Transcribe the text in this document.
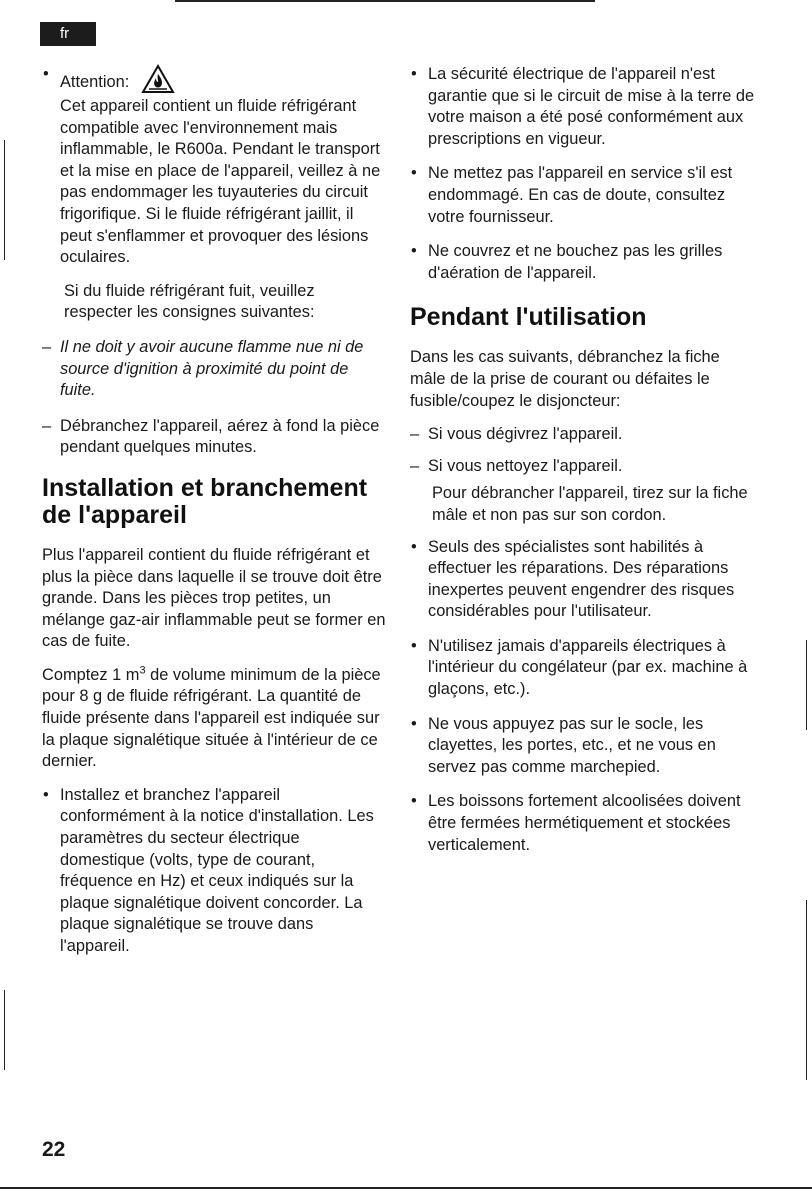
fr
• Attention:

Cet appareil contient un fluide réfrigérant compatible avec l'environnement mais inflammable, le R600a. Pendant le transport et la mise en place de l'appareil, veillez à ne pas endommager les tuyauteries du circuit frigorifique. Si le fluide réfrigérant jaillit, il peut s'enflammer et provoquer des lésions oculaires.

Si du fluide réfrigérant fuit, veuillez respecter les consignes suivantes:

– Il ne doit y avoir aucune flamme nue ni de source d'ignition à proximité du point de fuite.
– Débranchez l'appareil, aérez à fond la pièce pendant quelques minutes.
Installation et branchement de l'appareil

Plus l'appareil contient du fluide réfrigérant et plus la pièce dans laquelle il se trouve doit être grande. Dans les pièces trop petites, un mélange gaz-air inflammable peut se former en cas de fuite.

Comptez 1 $m^3$ de volume minimum de la pièce pour 8 g de fluide réfrigérant. La quantité de fluide présente dans l'appareil est indiquée sur la plaque signalétique située à l'intérieur de ce dernier.

• Installez et branchez l'appareil conformément à la notice d'installation. Les paramètres du secteur électrique domestique (volts, type de courant, fréquence en Hz) et ceux indiqués sur la plaque signalétique doivent concorder. La plaque signalétique se trouve dans l'appareil.
• La sécurité électrique de l'appareil n'est garantie que si le circuit de mise à la terre de votre maison a été posé conformément aux prescriptions en vigueur.
• Ne mettez pas l'appareil en service s'il est endommagé. En cas de doute, consultez votre fournisseur.
• Ne couvrez et ne bouchez pas les grilles d'aération de l'appareil.
Pendant l'utilisation

Dans les cas suivants, débranchez la fiche mâle de la prise de courant ou défaites le fusible/coupez le disjoncteur:

– Si vous dégivrez l'appareil.
– Si vous nettoyez l'appareil.

Pour débrancher l'appareil, tirez sur la fiche mâle et non pas sur son cordon.

• Seuls des spécialistes sont habilités à effectuer les réparations. Des réparations inexpertes peuvent engendrer des risques considérables pour l'utilisateur.
• N'utilisez jamais d'appareils électriques à l'intérieur du congélateur (par ex. machine à glaçons, etc.).
• Ne vous appuyez pas sur le socle, les clayettes, les portes, etc., et ne vous en servez pas comme marchepied.
• Les boissons fortement alcoolisées doivent être fermées hermétiquement et stockées verticalement.
22
